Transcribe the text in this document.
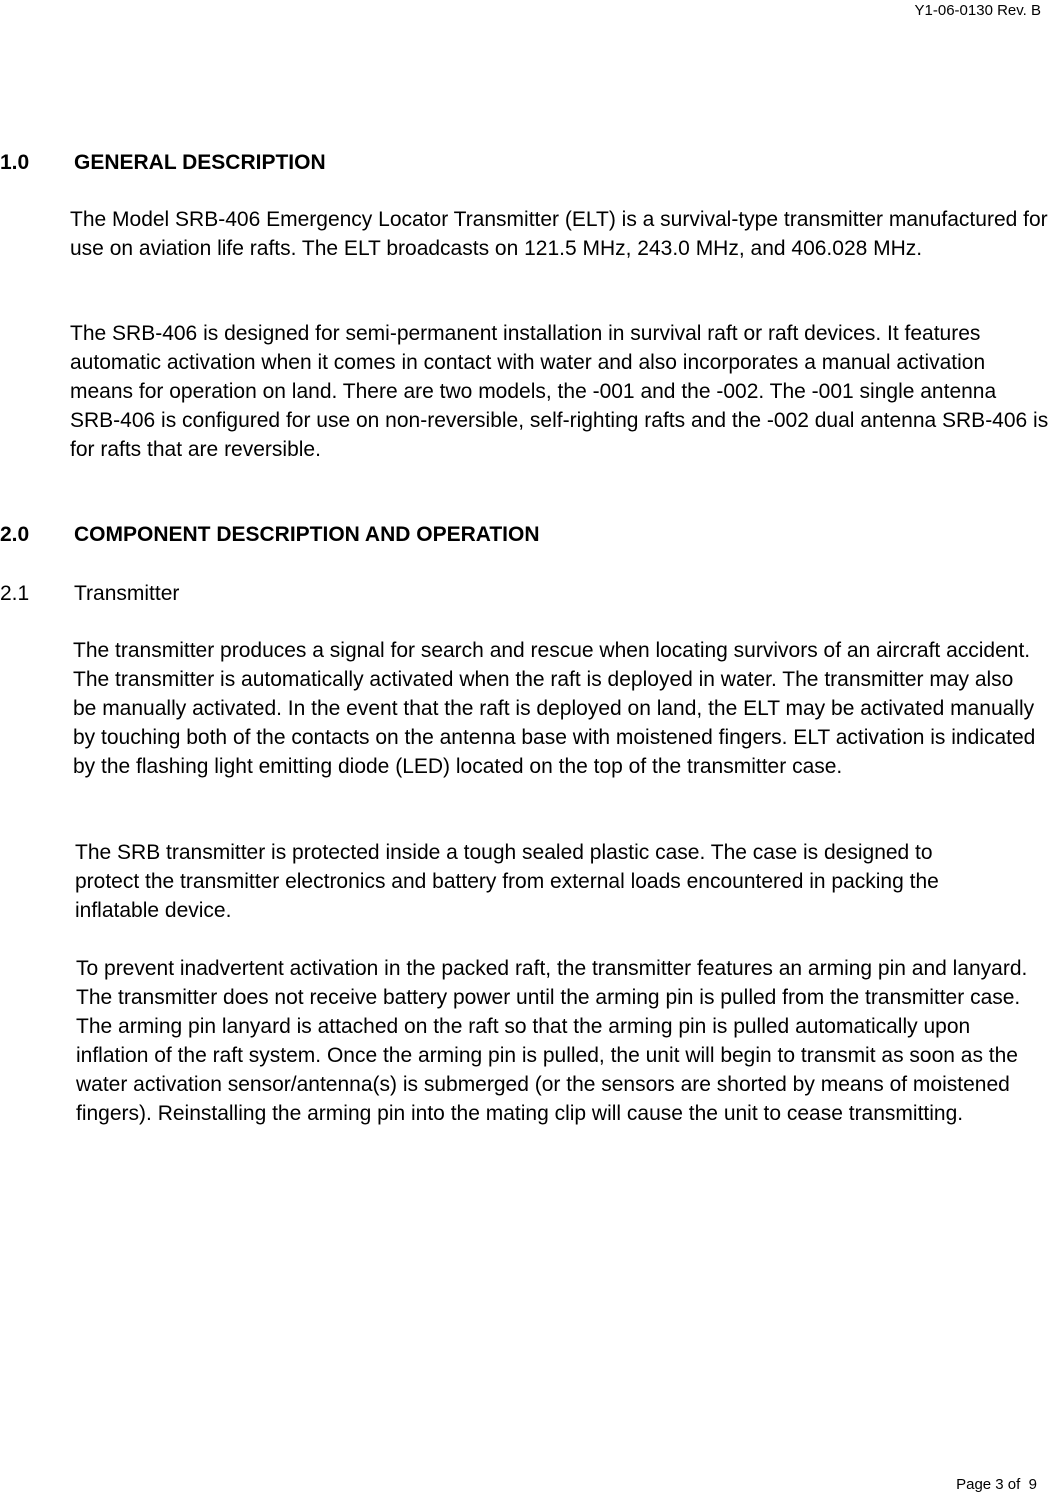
Y1-06-0130 Rev. B
1.0 GENERAL DESCRIPTION

The Model SRB-406 Emergency Locator Transmitter (ELT) is a survival-type transmitter manufactured for use on aviation life rafts. The ELT broadcasts on 121.5 MHz, 243.0 MHz, and 406.028 MHz.

The SRB-406 is designed for semi-permanent installation in survival raft or raft devices. It features automatic activation when it comes in contact with water and also incorporates a manual activation means for operation on land. There are two models, the -001 and the -002. The -001 single antenna SRB-406 is configured for use on non-reversible, self-righting rafts and the -002 dual antenna SRB-406 is for rafts that are reversible.

2.0 COMPONENT DESCRIPTION AND OPERATION
2.1 Transmitter

The transmitter produces a signal for search and rescue when locating survivors of an aircraft accident. The transmitter is automatically activated when the raft is deployed in water. The transmitter may also be manually activated. In the event that the raft is deployed on land, the ELT may be activated manually by touching both of the contacts on the antenna base with moistened fingers. ELT activation is indicated by the flashing light emitting diode (LED) located on the top of the transmitter case.

The SRB transmitter is protected inside a tough sealed plastic case. The case is designed to protect the transmitter electronics and battery from external loads encountered in packing the inflatable device.

To prevent inadvertent activation in the packed raft, the transmitter features an arming pin and lanyard. The transmitter does not receive battery power until the arming pin is pulled from the transmitter case. The arming pin lanyard is attached on the raft so that the arming pin is pulled automatically upon inflation of the raft system. Once the arming pin is pulled, the unit will begin to transmit as soon as the water activation sensor/antenna(s) is submerged (or the sensors are shorted by means of moistened fingers). Reinstalling the arming pin into the mating clip will cause the unit to cease transmitting.

Page 3 of  9
